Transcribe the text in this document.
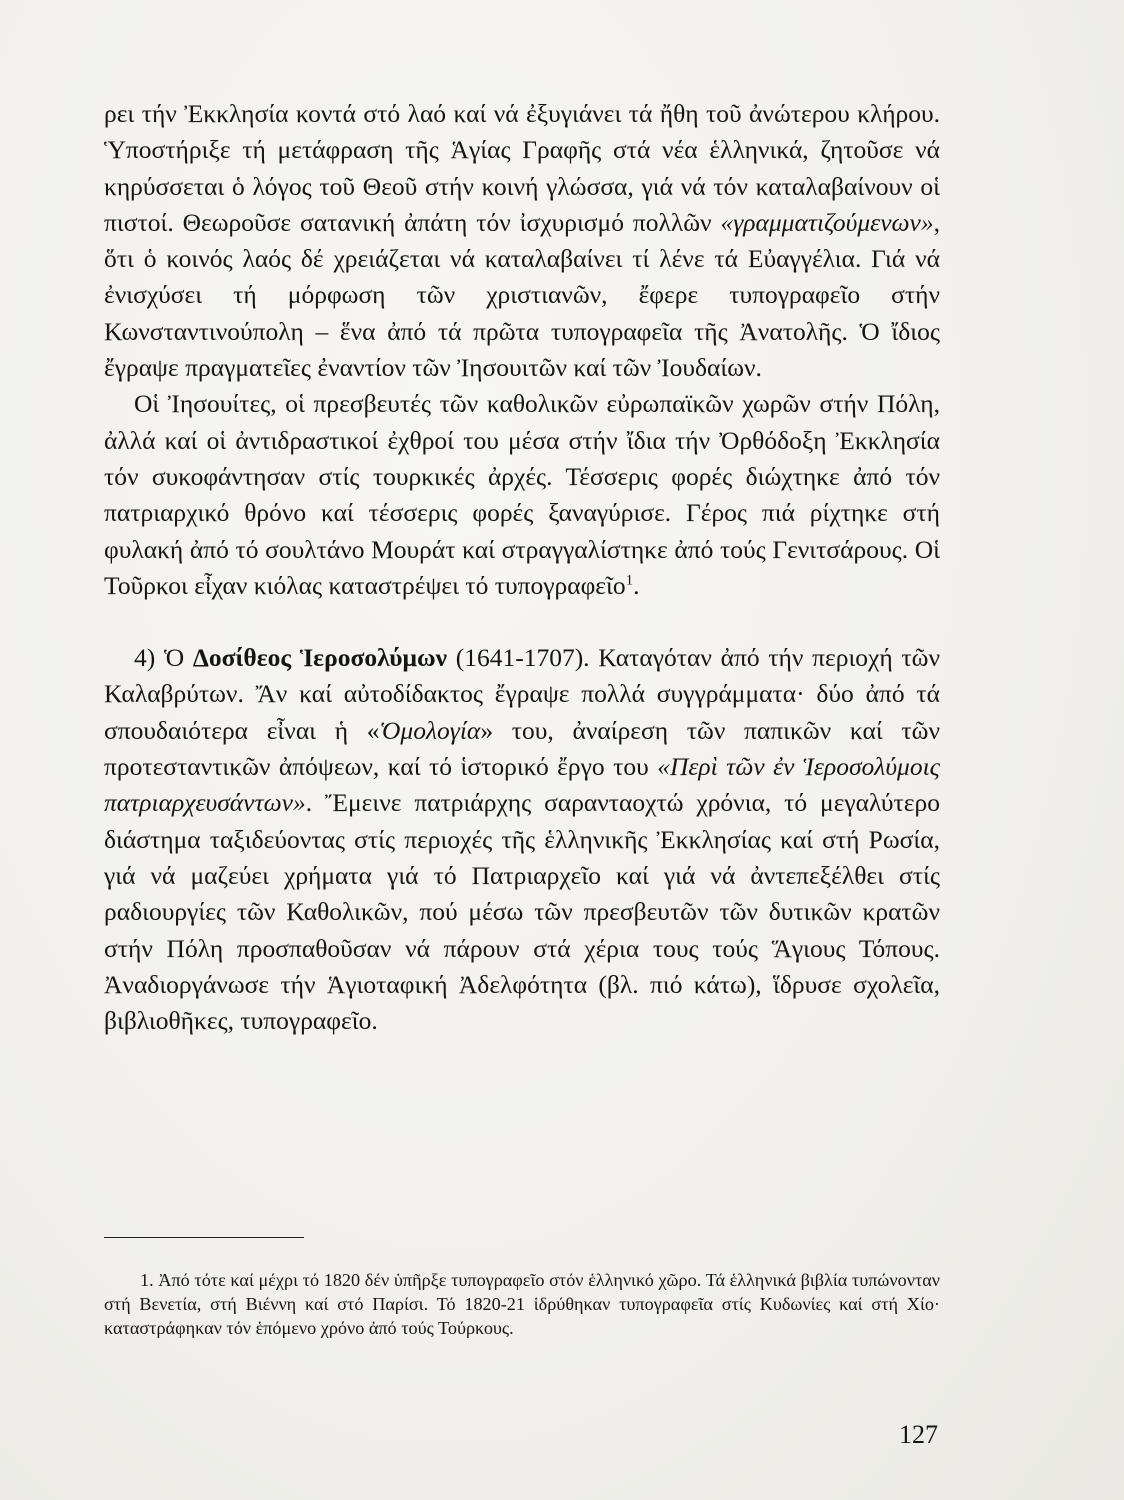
ρει τήν Ἐκκλησία κοντά στό λαό καί νά ἐξυγιάνει τά ἤθη τοῦ ἀνώτερου κλήρου. Ὑποστήριξε τή μετάφραση τῆς Ἁγίας Γραφῆς στά νέα ἑλληνικά, ζητοῦσε νά κηρύσσεται ὁ λόγος τοῦ Θεοῦ στήν κοινή γλώσσα, γιά νά τόν καταλαβαίνουν οἱ πιστοί. Θεωροῦσε σατανική ἀπάτη τόν ἰσχυρισμό πολλῶν «γραμματιζούμενων», ὅτι ὁ κοινός λαός δέ χρειάζεται νά καταλαβαίνει τί λένε τά Εὐαγγέλια. Γιά νά ἐνισχύσει τή μόρφωση τῶν χριστιανῶν, ἔφερε τυπογραφεῖο στήν Κωνσταντινούπολη – ἕνα ἀπό τά πρῶτα τυπογραφεῖα τῆς Ἀνατολῆς. Ὁ ἴδιος ἔγραψε πραγματεῖες ἐναντίον τῶν Ἰησουιτῶν καί τῶν Ἰουδαίων.

Οἱ Ἰησουίτες, οἱ πρεσβευτές τῶν καθολικῶν εὐρωπαϊκῶν χωρῶν στήν Πόλη, ἀλλά καί οἱ ἀντιδραστικοί ἐχθροί του μέσα στήν ἴδια τήν Ὀρθόδοξη Ἐκκλησία τόν συκοφάντησαν στίς τουρκικές ἀρχές. Τέσσερις φορές διώχτηκε ἀπό τόν πατριαρχικό θρόνο καί τέσσερις φορές ξαναγύρισε. Γέρος πιά ρίχτηκε στή φυλακή ἀπό τό σουλτάνο Μουράτ καί στραγγαλίστηκε ἀπό τούς Γενιτσάρους. Οἱ Τοῦρκοι εἶχαν κιόλας καταστρέψει τό τυπογραφεῖο$^1$.

4) Ὁ Δοσίθεος Ἱεροσολύμων (1641-1707). Καταγόταν ἀπό τήν περιοχή τῶν Καλαβρύτων. Ἄν καί αὐτοδίδακτος ἔγραψε πολλά συγγράμματα· δύο ἀπό τά σπουδαιότερα εἶναι ἡ «Ὁμολογία» του, ἀναίρεση τῶν παπικῶν καί τῶν προτεσταντικῶν ἀπόψεων, καί τό ἱστορικό ἔργο του «Περὶ τῶν ἐν Ἱεροσολύμοις πατριαρχευσάντων». Ἔμεινε πατριάρχης σαρανταοχτώ χρόνια, τό μεγαλύτερο διάστημα ταξιδεύοντας στίς περιοχές τῆς ἑλληνικῆς Ἐκκλησίας καί στή Ρωσία, γιά νά μαζεύει χρήματα γιά τό Πατριαρχεῖο καί γιά νά ἀντεπεξέλθει στίς ραδιουργίες τῶν Καθολικῶν, πού μέσω τῶν πρεσβευτῶν τῶν δυτικῶν κρατῶν στήν Πόλη προσπαθοῦσαν νά πάρουν στά χέρια τους τούς Ἅγιους Τόπους. Ἀναδιοργάνωσε τήν Ἁγιοταφική Ἀδελφότητα (βλ. πιό κάτω), ἵδρυσε σχολεῖα, βιβλιοθῆκες, τυπογραφεῖο.

1. Ἀπό τότε καί μέχρι τό 1820 δέν ὑπῆρξε τυπογραφεῖο στόν ἑλληνικό χῶρο. Τά ἑλληνικά βιβλία τυπώνονταν στή Βενετία, στή Βιέννη καί στό Παρίσι. Τό 1820-21 ἱδρύθηκαν τυπογραφεῖα στίς Κυδωνίες καί στή Χίο· καταστράφηκαν τόν ἑπόμενο χρόνο ἀπό τούς Τούρκους.

127
